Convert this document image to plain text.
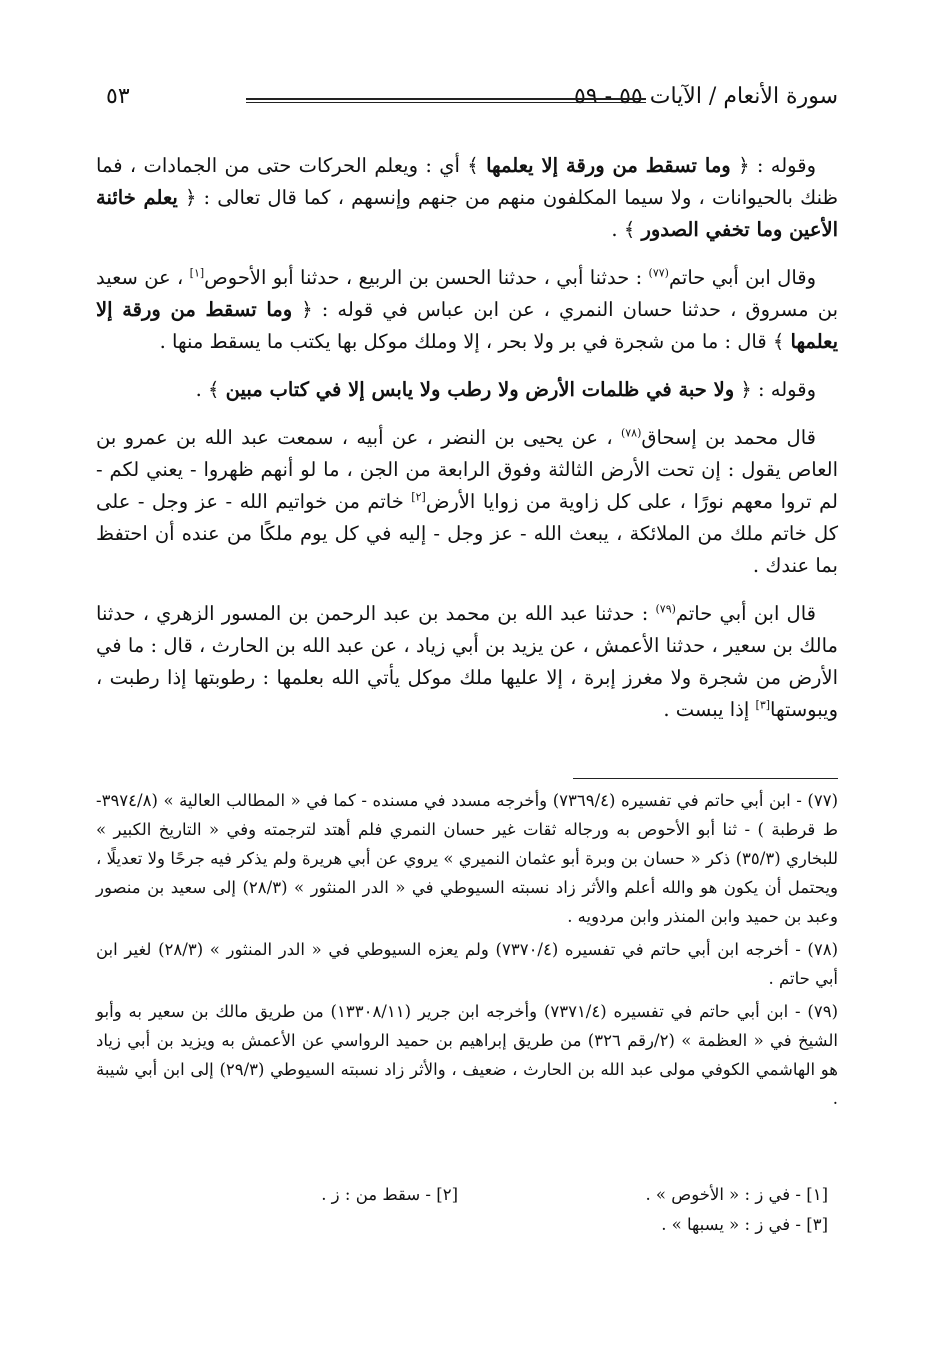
سورة الأنعام / الآيات ٥٥ - ٥٩
٥٣

وقوله : ﴿ وما تسقط من ورقة إلا يعلمها ﴾ أي : ويعلم الحركات حتى من الجمادات ، فما ظنك بالحيوانات ، ولا سيما المكلفون منهم من جنهم وإنسهم ، كما قال تعالى : ﴿ يعلم خائنة الأعين وما تخفي الصدور ﴾ .

وقال ابن أبي حاتم$^{(٧٧)}$ : حدثنا أبي ، حدثنا الحسن بن الربيع ، حدثنا أبو الأحوص[١] ، عن سعيد بن مسروق ، حدثنا حسان النمري ، عن ابن عباس في قوله : ﴿ وما تسقط من ورقة إلا يعلمها ﴾ قال : ما من شجرة في بر ولا بحر ، إلا وملك موكل بها يكتب ما يسقط منها .

وقوله : ﴿ ولا حبة في ظلمات الأرض ولا رطب ولا يابس إلا في كتاب مبين ﴾ .

قال محمد بن إسحاق$^{(٧٨)}$ ، عن يحيى بن النضر ، عن أبيه ، سمعت عبد الله بن عمرو بن العاص يقول : إن تحت الأرض الثالثة وفوق الرابعة من الجن ، ما لو أنهم ظهروا - يعني لكم - لم تروا معهم نورًا ، على كل زاوية من زوايا الأرض[٢] خاتم من خواتيم الله - عز وجل - على كل خاتم ملك من الملائكة ، يبعث الله - عز وجل - إليه في كل يوم ملكًا من عنده أن احتفظ بما عندك .

قال ابن أبي حاتم$^{(٧٩)}$ : حدثنا عبد الله بن محمد بن عبد الرحمن بن المسور الزهري ، حدثنا مالك بن سعير ، حدثنا الأعمش ، عن يزيد بن أبي زياد ، عن عبد الله بن الحارث ، قال : ما في الأرض من شجرة ولا مغرز إبرة ، إلا عليها ملك موكل يأتي الله بعلمها : رطوبتها إذا رطبت ، ويبوستها[٣] إذا يبست .

(٧٧) - ابن أبي حاتم في تفسيره (٧٣٦٩/٤) وأخرجه مسدد في مسنده - كما في « المطالب العالية » (٣٩٧٤/٨- ط قرطبة ) - ثنا أبو الأحوص به ورجاله ثقات غير حسان النمري فلم أهتد لترجمته وفي « التاريخ الكبير » للبخاري (٣٥/٣) ذكر « حسان بن وبرة أبو عثمان النميري » يروي عن أبي هريرة ولم يذكر فيه جرحًا ولا تعديلًا ، ويحتمل أن يكون هو والله أعلم والأثر زاد نسبته السيوطي في « الدر المنثور » (٢٨/٣) إلى سعيد بن منصور وعبد بن حميد وابن المنذر وابن مردويه .

(٧٨) - أخرجه ابن أبي حاتم في تفسيره (٧٣٧٠/٤) ولم يعزه السيوطي في « الدر المنثور » (٢٨/٣) لغير ابن أبي حاتم .

(٧٩) - ابن أبي حاتم في تفسيره (٧٣٧١/٤) وأخرجه ابن جرير (١٣٣٠٨/١١) من طريق مالك بن سعير به وأبو الشيخ في « العظمة » (٢/رقم ٣٢٦) من طريق إبراهيم بن حميد الرواسي عن الأعمش به ويزيد بن أبي زياد هو الهاشمي الكوفي مولى عبد الله بن الحارث ، ضعيف ، والأثر زاد نسبته السيوطي (٢٩/٣) إلى ابن أبي شيبة .

[١] - في ز : « الأخوص » .
[٢] - سقط من : ز .
[٣] - في ز : « يسبها » .
